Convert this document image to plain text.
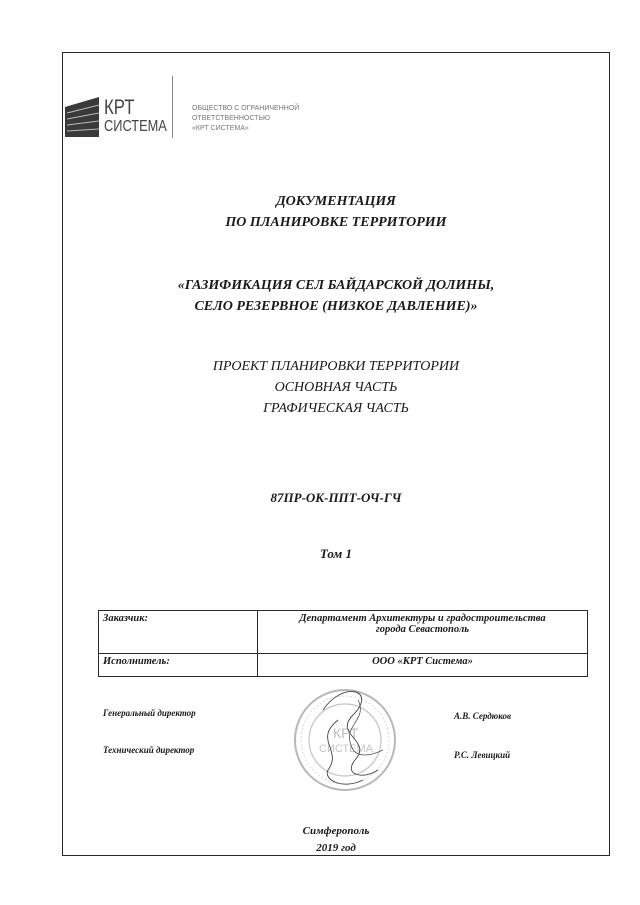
КРТ
СИСТЕМА
ОБЩЕСТВО С ОГРАНИЧЕННОЙ
ОТВЕТСТВЕННОСТЬЮ
«КРТ СИСТЕМА»
ДОКУМЕНТАЦИЯ
ПО ПЛАНИРОВКЕ ТЕРРИТОРИИ
«ГАЗИФИКАЦИЯ СЕЛ БАЙДАРСКОЙ ДОЛИНЫ,
СЕЛО РЕЗЕРВНОЕ (НИЗКОЕ ДАВЛЕНИЕ)»
ПРОЕКТ ПЛАНИРОВКИ ТЕРРИТОРИИ
ОСНОВНАЯ ЧАСТЬ
ГРАФИЧЕСКАЯ ЧАСТЬ
87ПР-ОК-ППТ-ОЧ-ГЧ
Том 1
Заказчик:	Департамент Архитектуры и градостроительства
города Севастополь

Исполнитель:	ООО «КРТ Система»
КРТ
СИСТЕМА
Генеральный директор	А.В. Сердюков
Технический директор	Р.С. Левицкий
Симферополь
2019 год
